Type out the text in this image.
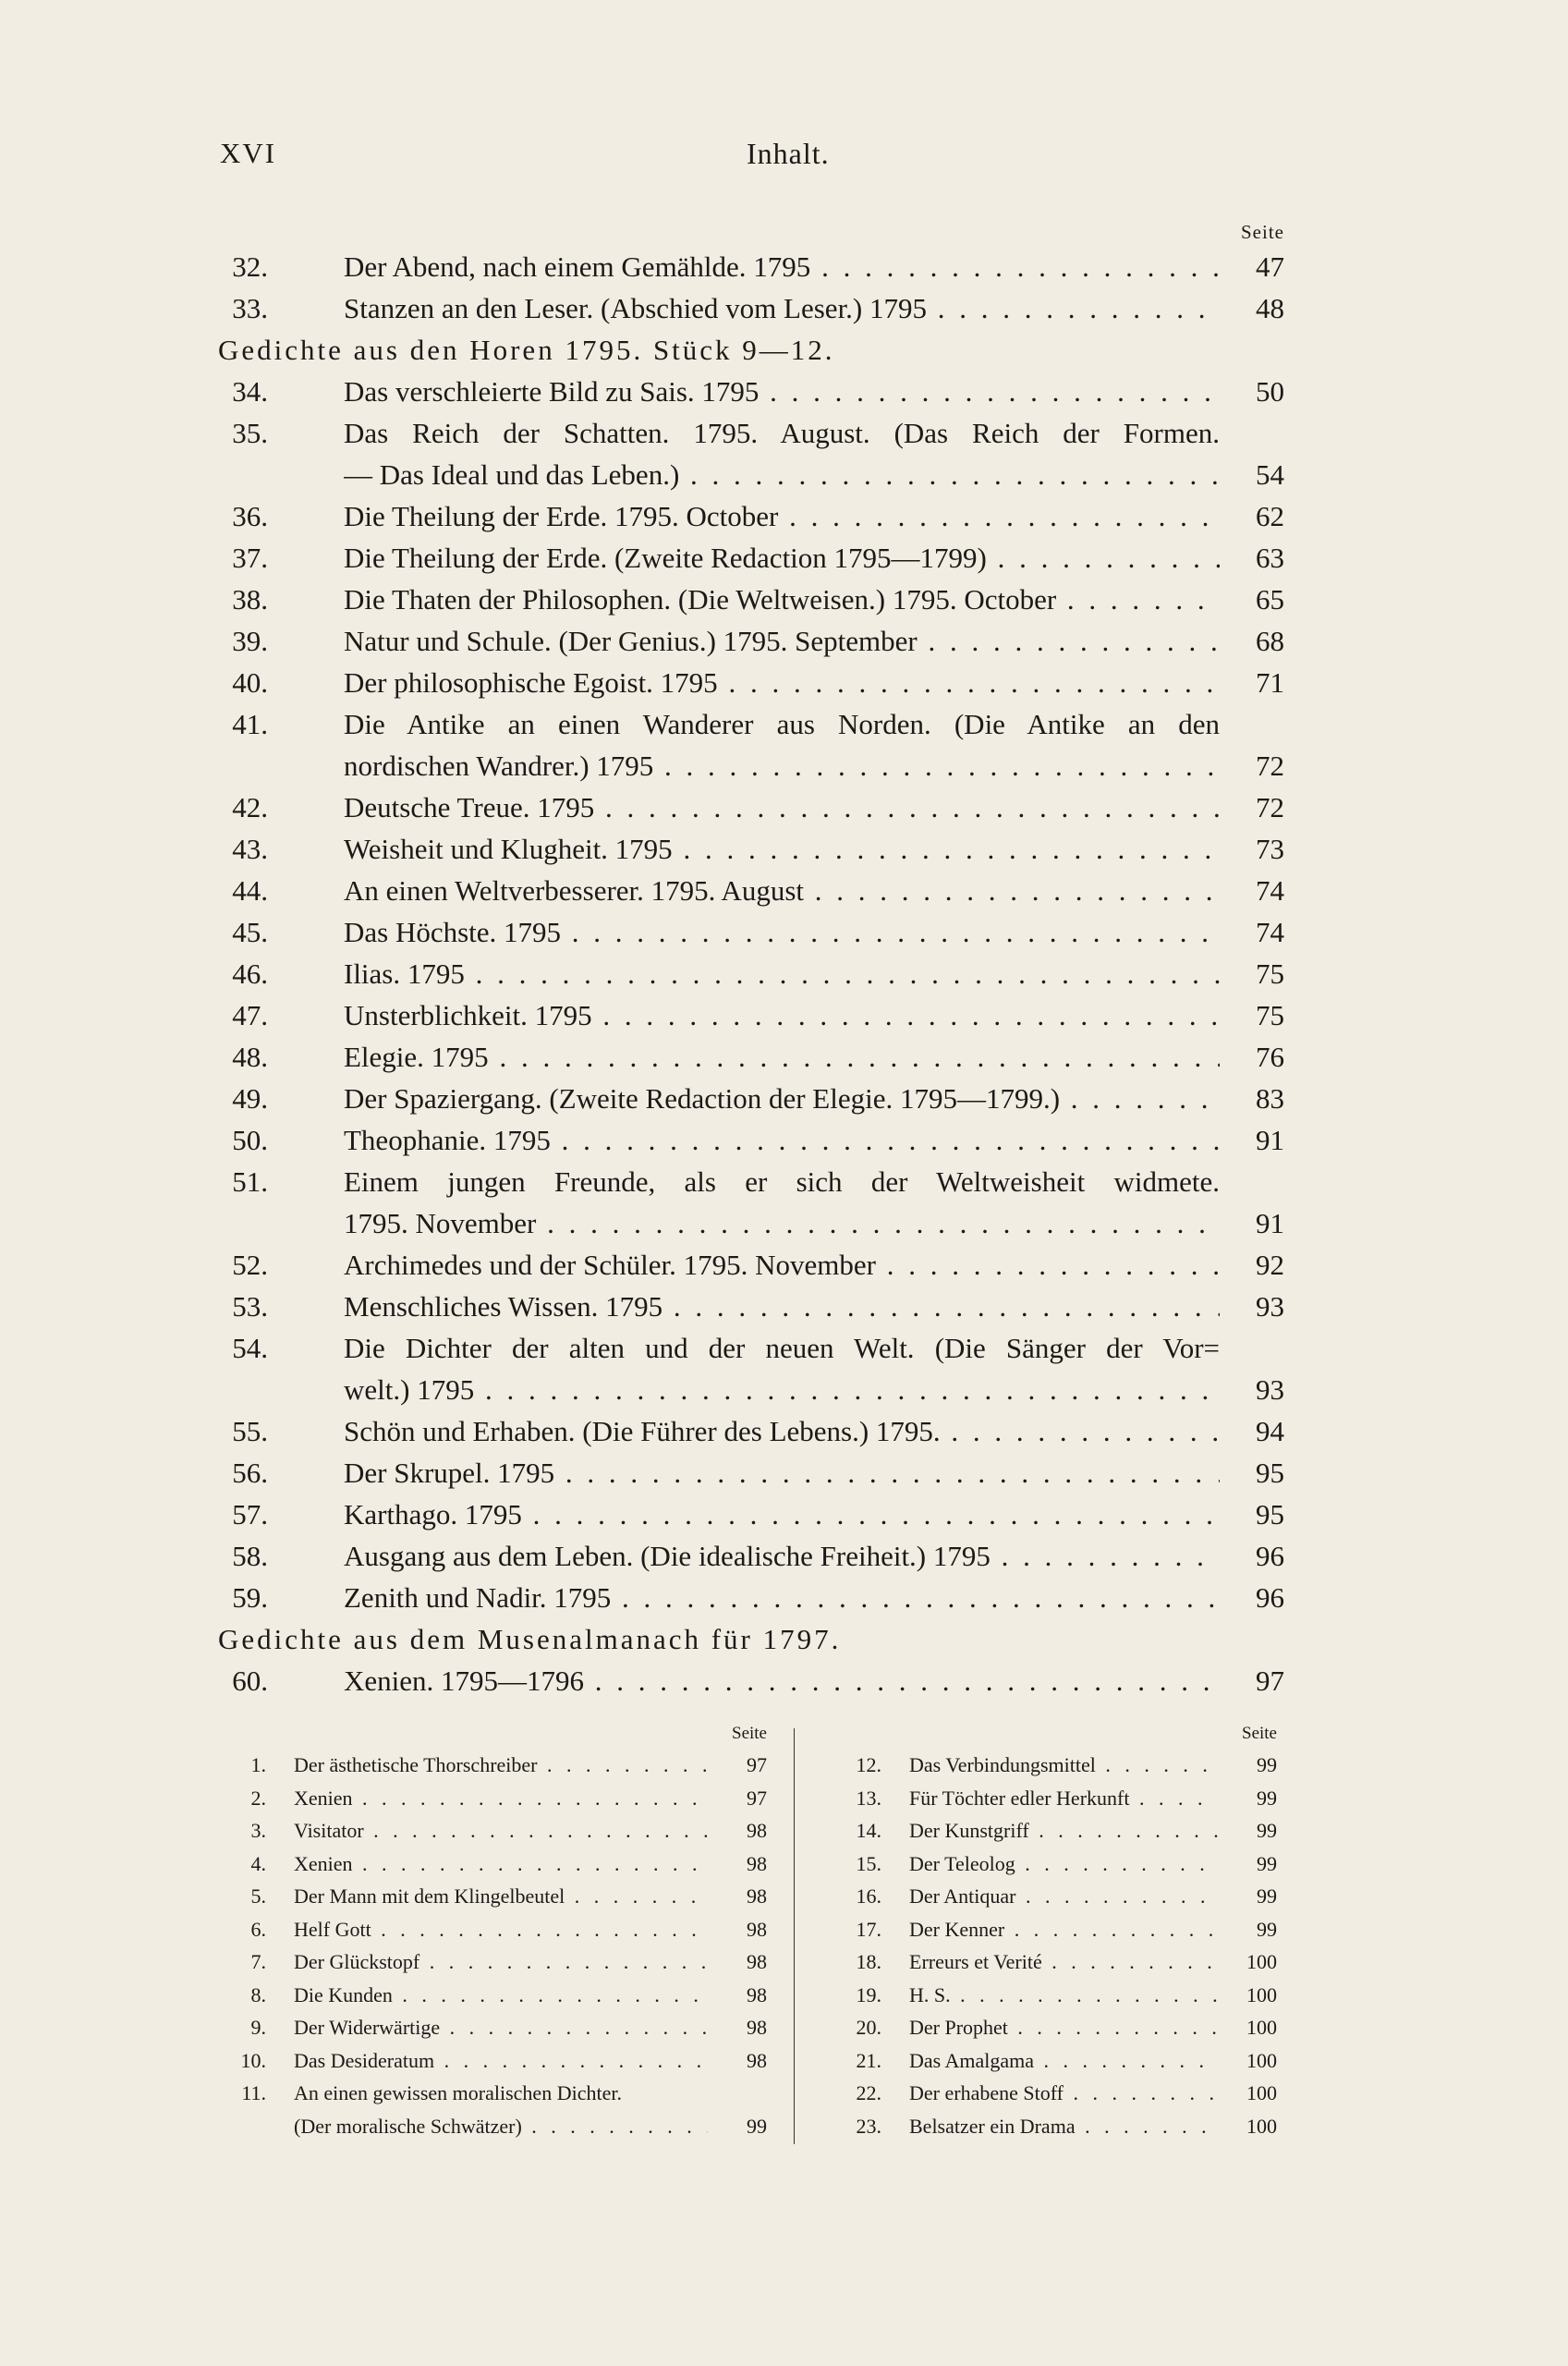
XVI	Inhalt.
Seite
32.	Der Abend, nach einem Gemählde. 1795 . . .	47
33.	Stanzen an den Leser. (Abschied vom Leser.) 1795 . . .	48
Gedichte aus den Horen 1795. Stück 9—12.
34.	Das verschleierte Bild zu Sais. 1795 . . .	50
35.	Das Reich der Schatten. 1795. August. (Das Reich der Formen.
— Das Ideal und das Leben.) . . .	54
36.	Die Theilung der Erde. 1795. October . . .	62
37.	Die Theilung der Erde. (Zweite Redaction 1795—1799) . . .	63
38.	Die Thaten der Philosophen. (Die Weltweisen.) 1795. October . . .	65
39.	Natur und Schule. (Der Genius.) 1795. September . . .	68
40.	Der philosophische Egoist. 1795 . . .	71
41.	Die Antike an einen Wanderer aus Norden. (Die Antike an den
nordischen Wandrer.) 1795 . . .	72
42.	Deutsche Treue. 1795 . . .	72
43.	Weisheit und Klugheit. 1795 . . .	73
44.	An einen Weltverbesserer. 1795. August . . .	74
45.	Das Höchste. 1795 . . .	74
46.	Ilias. 1795 . . .	75
47.	Unsterblichkeit. 1795 . . .	75
48.	Elegie. 1795 . . .	76
49.	Der Spaziergang. (Zweite Redaction der Elegie. 1795—1799.) . . .	83
50.	Theophanie. 1795 . . .	91
51.	Einem jungen Freunde, als er sich der Weltweisheit widmete.
1795. November . . .	91
52.	Archimedes und der Schüler. 1795. November . . .	92
53.	Menschliches Wissen. 1795 . . .	93
54.	Die Dichter der alten und der neuen Welt. (Die Sänger der Vor=
welt.) 1795 . . .	93
55.	Schön und Erhaben. (Die Führer des Lebens.) 1795. . . .	94
56.	Der Skrupel. 1795 . . .	95
57.	Karthago. 1795 . . .	95
58.	Ausgang aus dem Leben. (Die idealische Freiheit.) 1795 . . .	96
59.	Zenith und Nadir. 1795 . . .	96
Gedichte aus dem Musenalmanach für 1797.
60.	Xenien. 1795—1796 . . .	97
Seite
1. Der ästhetische Thorschreiber . . .	97
2. Xenien . . .	97
3. Visitator . . .	98
4. Xenien . . .	98
5. Der Mann mit dem Klingelbeutel . . .	98
6. Helf Gott . . .	98
7. Der Glückstopf . . .	98
8. Die Kunden . . .	98
9. Der Widerwärtige . . .	98
10. Das Desideratum . . .	98
11. An einen gewissen moralischen Dichter.
(Der moralische Schwätzer) . . .	99
Seite
12. Das Verbindungsmittel . . .	99
13. Für Töchter edler Herkunft . . .	99
14. Der Kunstgriff . . .	99
15. Der Teleolog . . .	99
16. Der Antiquar . . .	99
17. Der Kenner . . .	99
18. Erreurs et Verité . . .	100
19. H. S. . . .	100
20. Der Prophet . . .	100
21. Das Amalgama . . .	100
22. Der erhabene Stoff . . .	100
23. Belsatzer ein Drama . . .	100
